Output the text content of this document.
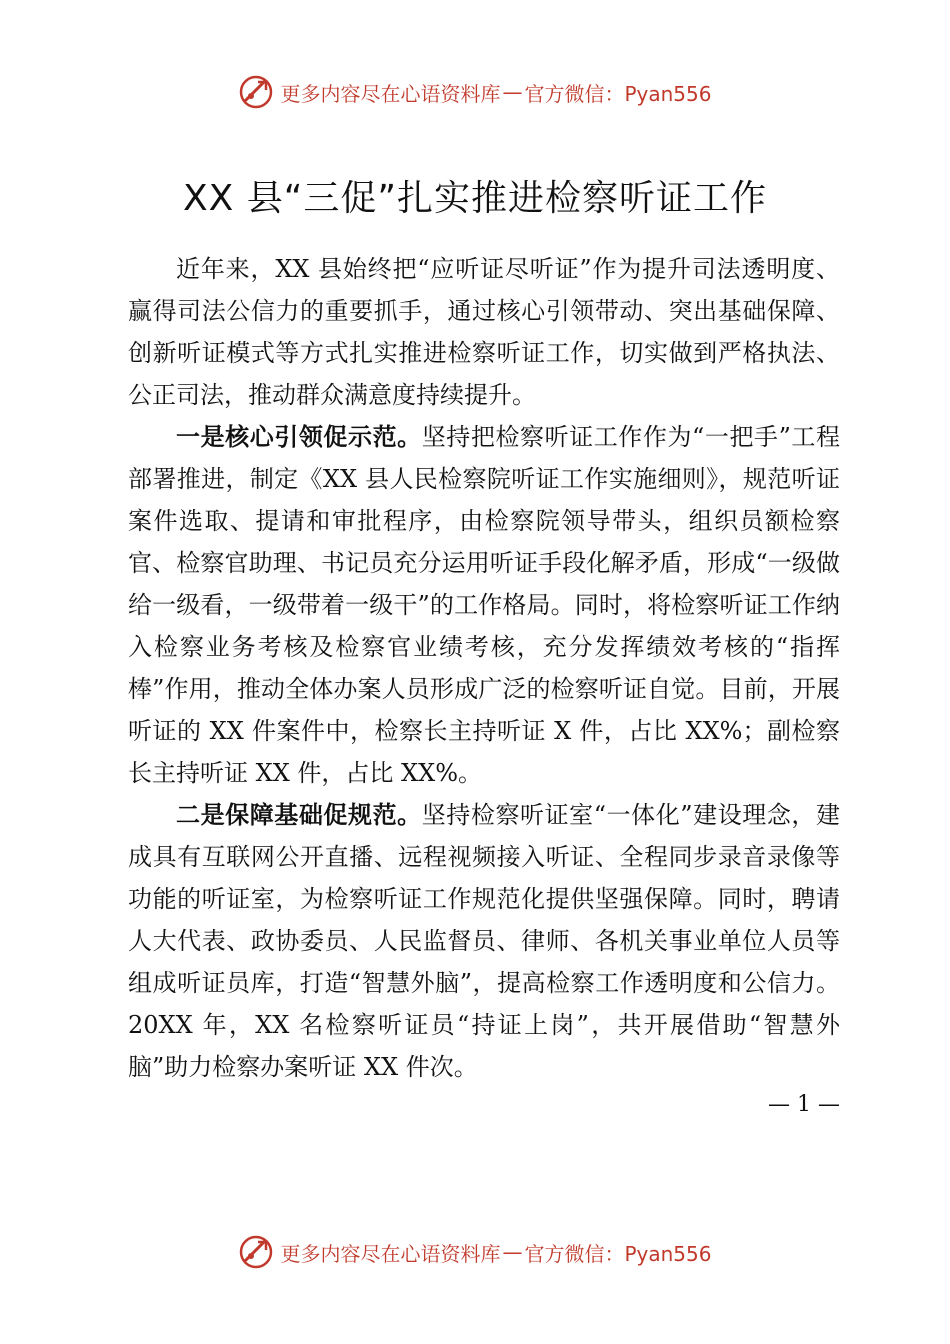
更多内容尽在心语资料库 — 官方微信：Pyan556
XX 县“三促”扎实推进检察听证工作

近年来，XX 县始终把“应听证尽听证”作为提升司法透明度、赢得司法公信力的重要抓手，通过核心引领带动、突出基础保障、创新听证模式等方式扎实推进检察听证工作，切实做到严格执法、公正司法，推动群众满意度持续提升。

一是核心引领促示范。坚持把检察听证工作作为“一把手”工程部署推进，制定《XX 县人民检察院听证工作实施细则》，规范听证案件选取、提请和审批程序，由检察院领导带头，组织员额检察官、检察官助理、书记员充分运用听证手段化解矛盾，形成“一级做给一级看，一级带着一级干”的工作格局。同时，将检察听证工作纳入检察业务考核及检察官业绩考核，充分发挥绩效考核的“指挥棒”作用，推动全体办案人员形成广泛的检察听证自觉。目前，开展听证的 XX 件案件中，检察长主持听证 X 件，占比 XX%；副检察长主持听证 XX 件，占比 XX%。

二是保障基础促规范。坚持检察听证室“一体化”建设理念，建成具有互联网公开直播、远程视频接入听证、全程同步录音录像等功能的听证室，为检察听证工作规范化提供坚强保障。同时，聘请人大代表、政协委员、人民监督员、律师、各机关事业单位人员等组成听证员库，打造“智慧外脑”，提高检察工作透明度和公信力。20XX 年，XX 名检察听证员“持证上岗”，共开展借助“智慧外脑”助力检察办案听证 XX 件次。

— 1 —
更多内容尽在心语资料库 — 官方微信：Pyan556
